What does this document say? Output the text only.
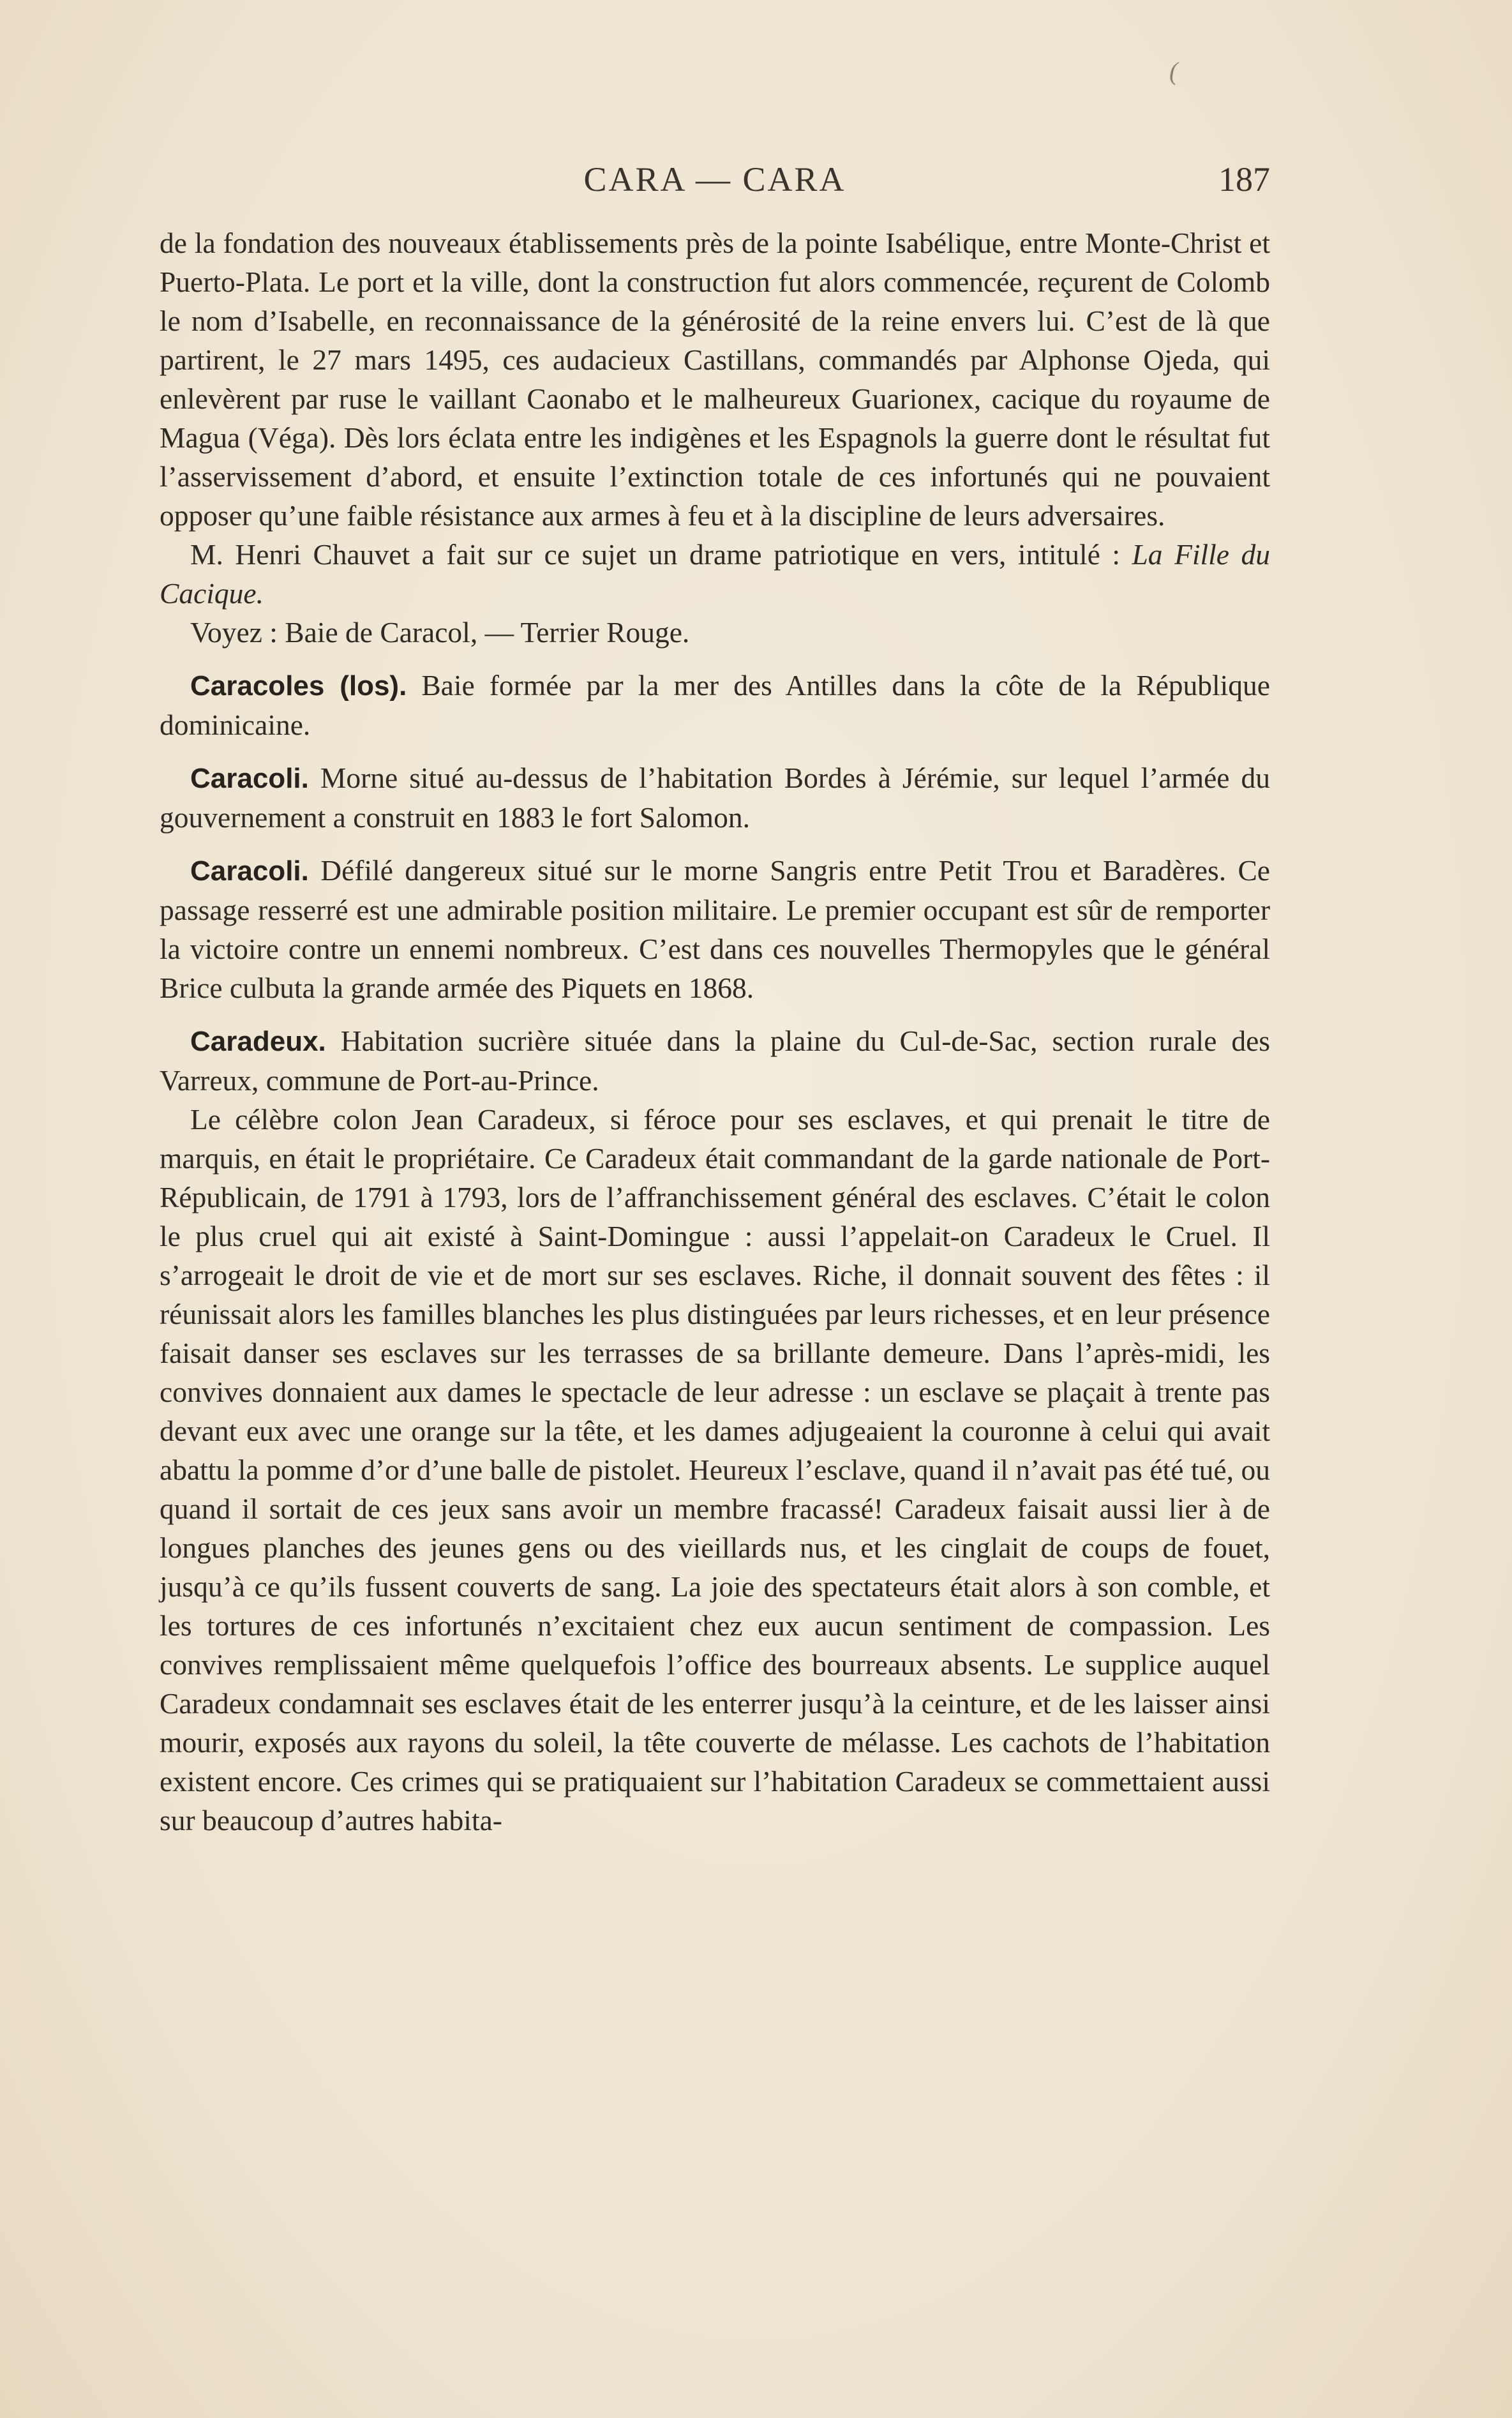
(
CARA — CARA	187

de la fondation des nouveaux établissements près de la pointe Isabélique, entre Monte-Christ et Puerto-Plata. Le port et la ville, dont la construction fut alors commencée, reçurent de Colomb le nom d’Isabelle, en reconnaissance de la générosité de la reine envers lui. C’est de là que partirent, le 27 mars 1495, ces audacieux Castillans, commandés par Alphonse Ojeda, qui enlevèrent par ruse le vaillant Caonabo et le malheureux Guarionex, cacique du royaume de Magua (Véga). Dès lors éclata entre les indigènes et les Espagnols la guerre dont le résultat fut l’asservissement d’abord, et ensuite l’extinction totale de ces infortunés qui ne pouvaient opposer qu’une faible résistance aux armes à feu et à la discipline de leurs adversaires.

M. Henri Chauvet a fait sur ce sujet un drame patriotique en vers, intitulé : La Fille du Cacique.

Voyez : Baie de Caracol, — Terrier Rouge.

Caracoles (los). Baie formée par la mer des Antilles dans la côte de la République dominicaine.

Caracoli. Morne situé au-dessus de l’habitation Bordes à Jérémie, sur lequel l’armée du gouvernement a construit en 1883 le fort Salomon.

Caracoli. Défilé dangereux situé sur le morne Sangris entre Petit Trou et Baradères. Ce passage resserré est une admirable position militaire. Le premier occupant est sûr de remporter la victoire contre un ennemi nombreux. C’est dans ces nouvelles Thermopyles que le général Brice culbuta la grande armée des Piquets en 1868.

Caradeux. Habitation sucrière située dans la plaine du Cul-de-Sac, section rurale des Varreux, commune de Port-au-Prince.

Le célèbre colon Jean Caradeux, si féroce pour ses esclaves, et qui prenait le titre de marquis, en était le propriétaire. Ce Caradeux était commandant de la garde nationale de Port-Républicain, de 1791 à 1793, lors de l’affranchissement général des esclaves. C’était le colon le plus cruel qui ait existé à Saint-Domingue : aussi l’appelait-on Caradeux le Cruel. Il s’arrogeait le droit de vie et de mort sur ses esclaves. Riche, il donnait souvent des fêtes : il réunissait alors les familles blanches les plus distinguées par leurs richesses, et en leur présence faisait danser ses esclaves sur les terrasses de sa brillante demeure. Dans l’après-midi, les convives donnaient aux dames le spectacle de leur adresse : un esclave se plaçait à trente pas devant eux avec une orange sur la tête, et les dames adjugeaient la couronne à celui qui avait abattu la pomme d’or d’une balle de pistolet. Heureux l’esclave, quand il n’avait pas été tué, ou quand il sortait de ces jeux sans avoir un membre fracassé! Caradeux faisait aussi lier à de longues planches des jeunes gens ou des vieillards nus, et les cinglait de coups de fouet, jusqu’à ce qu’ils fussent couverts de sang. La joie des spectateurs était alors à son comble, et les tortures de ces infortunés n’excitaient chez eux aucun sentiment de compassion. Les convives remplissaient même quelquefois l’office des bourreaux absents. Le supplice auquel Caradeux condamnait ses esclaves était de les enterrer jusqu’à la ceinture, et de les laisser ainsi mourir, exposés aux rayons du soleil, la tête couverte de mélasse. Les cachots de l’habitation existent encore. Ces crimes qui se pratiquaient sur l’habitation Caradeux se commettaient aussi sur beaucoup d’autres habita-
